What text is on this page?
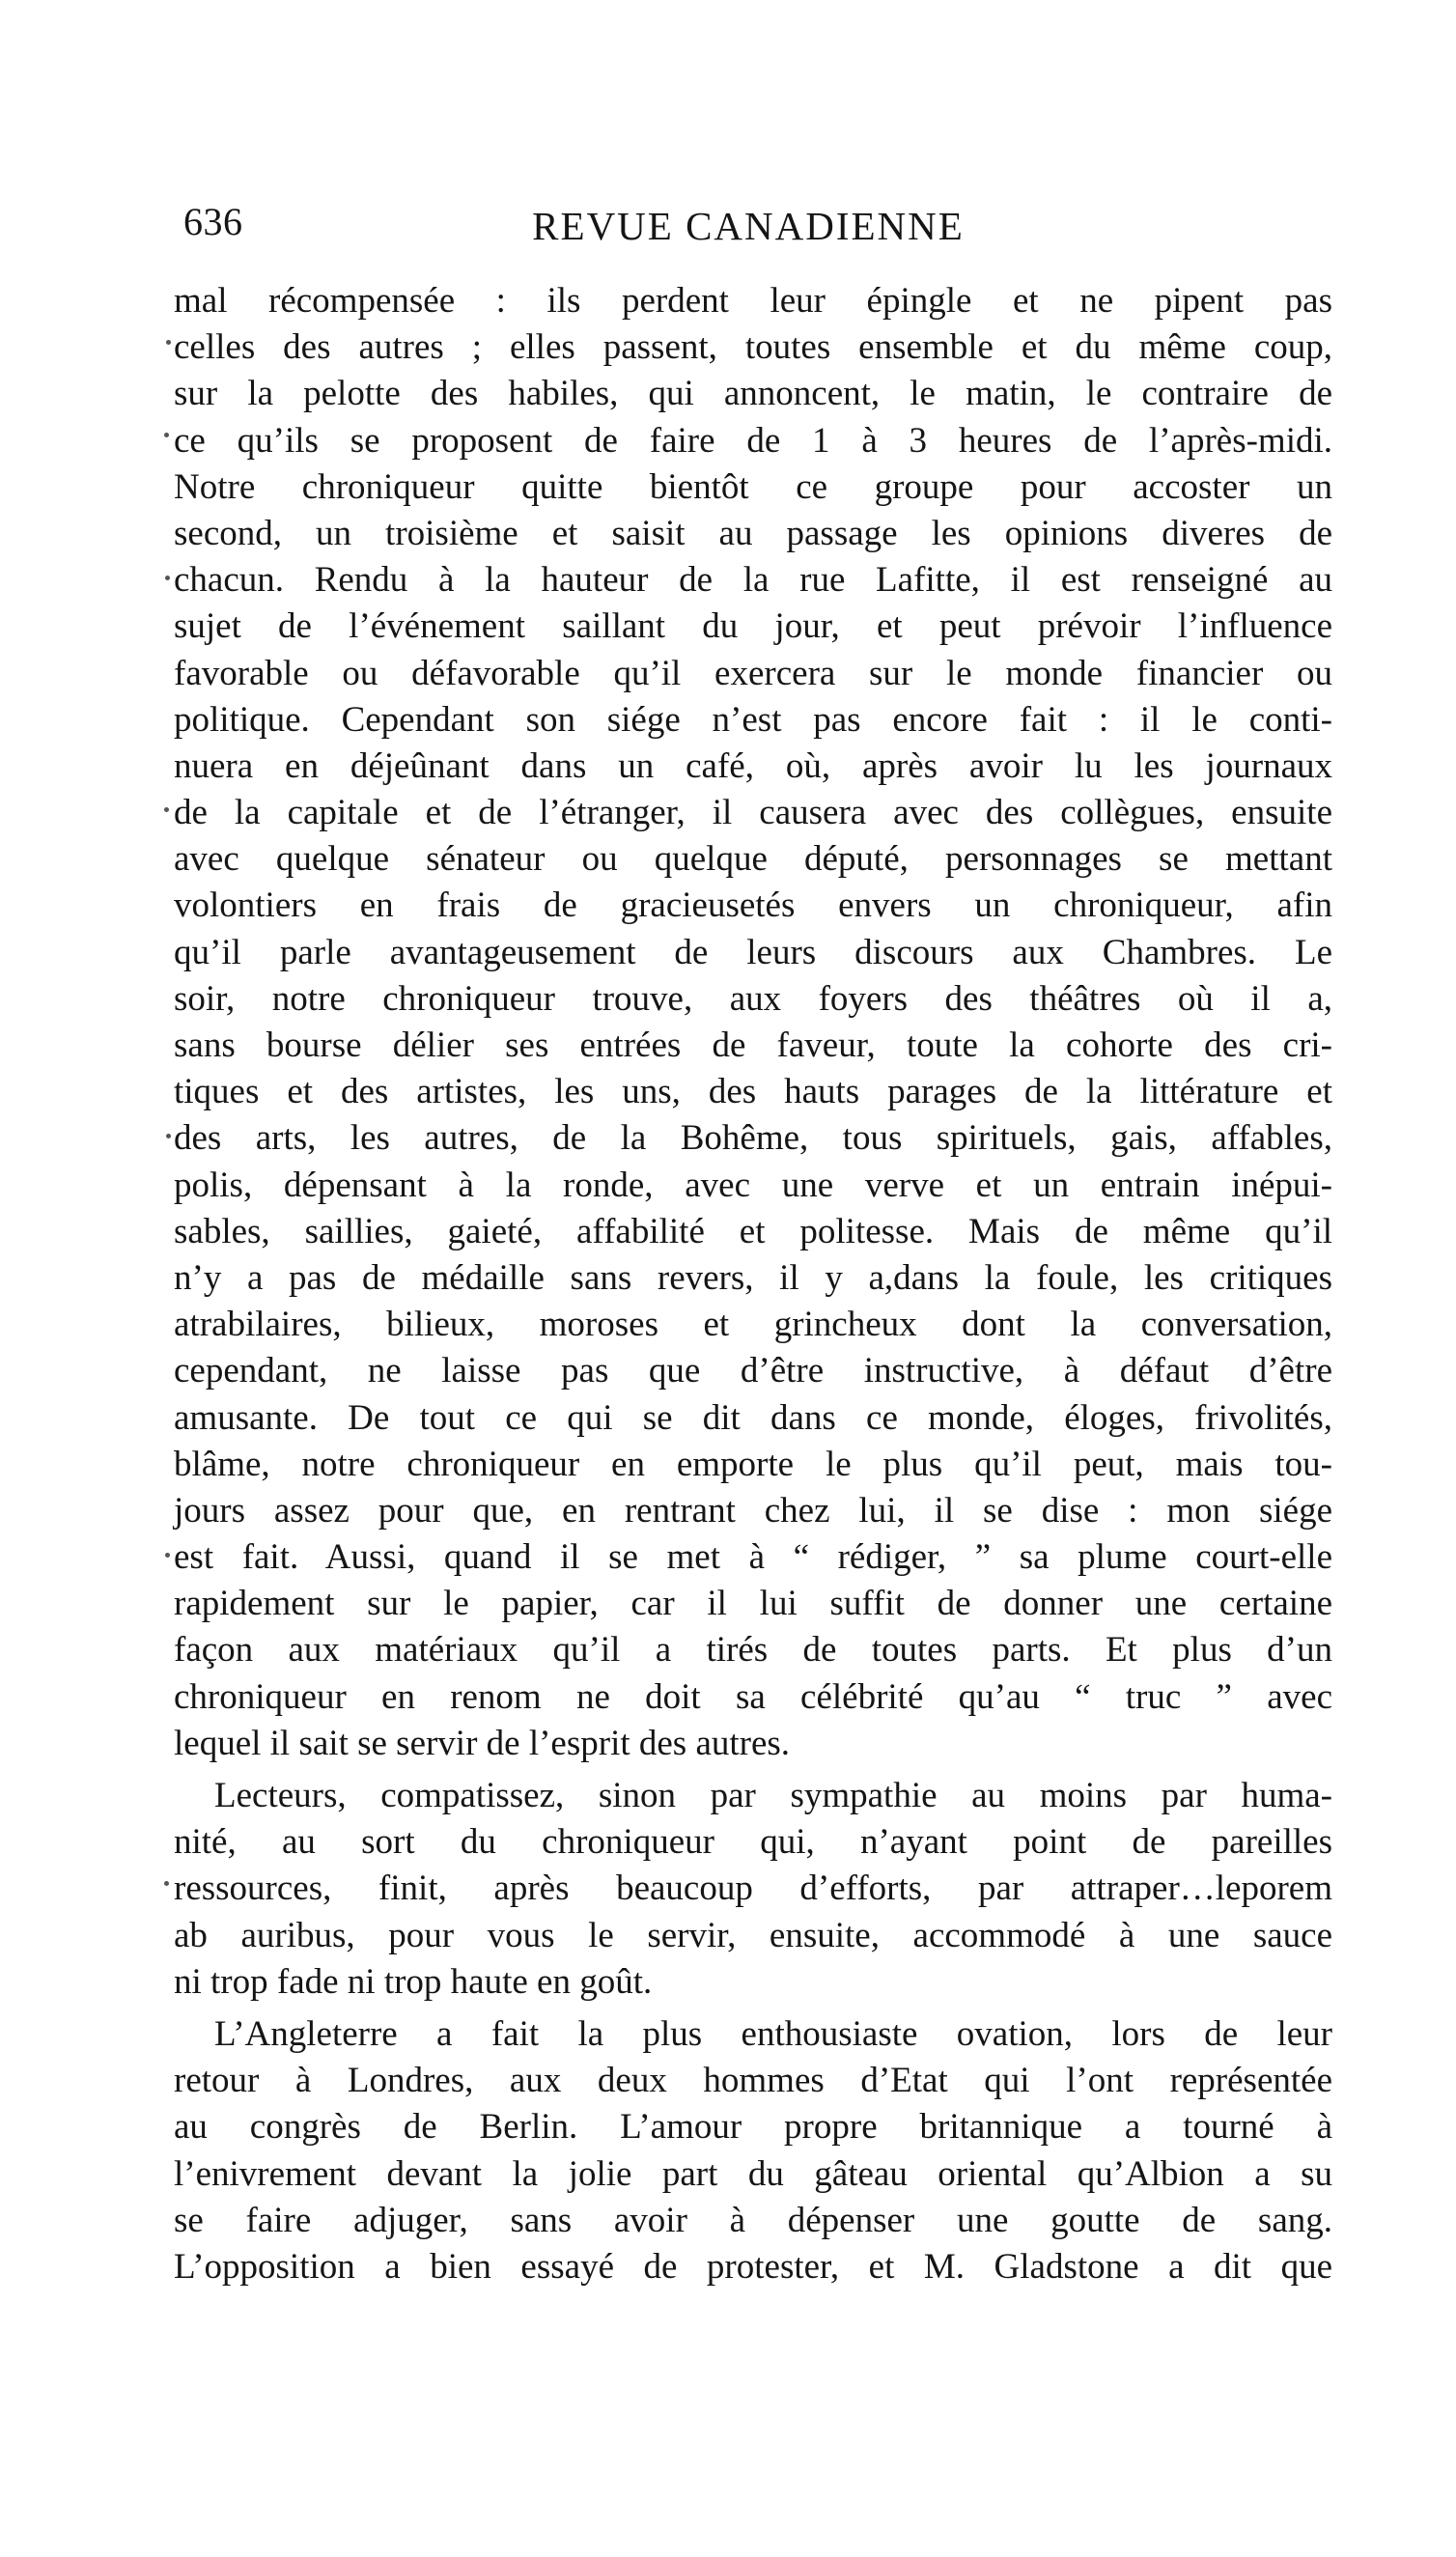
636	REVUE CANADIENNE
mal récompensée : ils perdent leur épingle et ne pipent pas
celles des autres ; elles passent, toutes ensemble et du même coup,
sur la pelotte des habiles, qui annoncent, le matin, le contraire de
ce qu’ils se proposent de faire de 1 à 3 heures de l’après-midi.
Notre chroniqueur quitte bientôt ce groupe pour accoster un
second, un troisième et saisit au passage les opinions diveres de
chacun. Rendu à la hauteur de la rue Lafitte, il est renseigné au
sujet de l’événement saillant du jour, et peut prévoir l’influence
favorable ou défavorable qu’il exercera sur le monde financier ou
politique. Cependant son siége n’est pas encore fait : il le conti-
nuera en déjeûnant dans un café, où, après avoir lu les journaux
de la capitale et de l’étranger, il causera avec des collègues, ensuite
avec quelque sénateur ou quelque député, personnages se mettant
volontiers en frais de gracieusetés envers un chroniqueur, afin
qu’il parle avantageusement de leurs discours aux Chambres. Le
soir, notre chroniqueur trouve, aux foyers des théâtres où il a,
sans bourse délier ses entrées de faveur, toute la cohorte des cri-
tiques et des artistes, les uns, des hauts parages de la littérature et
des arts, les autres, de la Bohême, tous spirituels, gais, affables,
polis, dépensant à la ronde, avec une verve et un entrain inépui-
sables, saillies, gaieté, affabilité et politesse. Mais de même qu’il
n’y a pas de médaille sans revers, il y a,dans la foule, les critiques
atrabilaires, bilieux, moroses et grincheux dont la conversation,
cependant, ne laisse pas que d’être instructive, à défaut d’être
amusante. De tout ce qui se dit dans ce monde, éloges, frivolités,
blâme, notre chroniqueur en emporte le plus qu’il peut, mais tou-
jours assez pour que, en rentrant chez lui, il se dise : mon siége
est fait. Aussi, quand il se met à “ rédiger, ” sa plume court-elle
rapidement sur le papier, car il lui suffit de donner une certaine
façon aux matériaux qu’il a tirés de toutes parts. Et plus d’un
chroniqueur en renom ne doit sa célébrité qu’au “ truc ” avec
lequel il sait se servir de l’esprit des autres.
Lecteurs, compatissez, sinon par sympathie au moins par huma-
nité, au sort du chroniqueur qui, n’ayant point de pareilles
ressources, finit, après beaucoup d’efforts, par attraper…leporem
ab auribus, pour vous le servir, ensuite, accommodé à une sauce
ni trop fade ni trop haute en goût.
L’Angleterre a fait la plus enthousiaste ovation, lors de leur
retour à Londres, aux deux hommes d’Etat qui l’ont représentée
au congrès de Berlin. L’amour propre britannique a tourné à
l’enivrement devant la jolie part du gâteau oriental qu’Albion a su
se faire adjuger, sans avoir à dépenser une goutte de sang.
L’opposition a bien essayé de protester, et M. Gladstone a dit que
